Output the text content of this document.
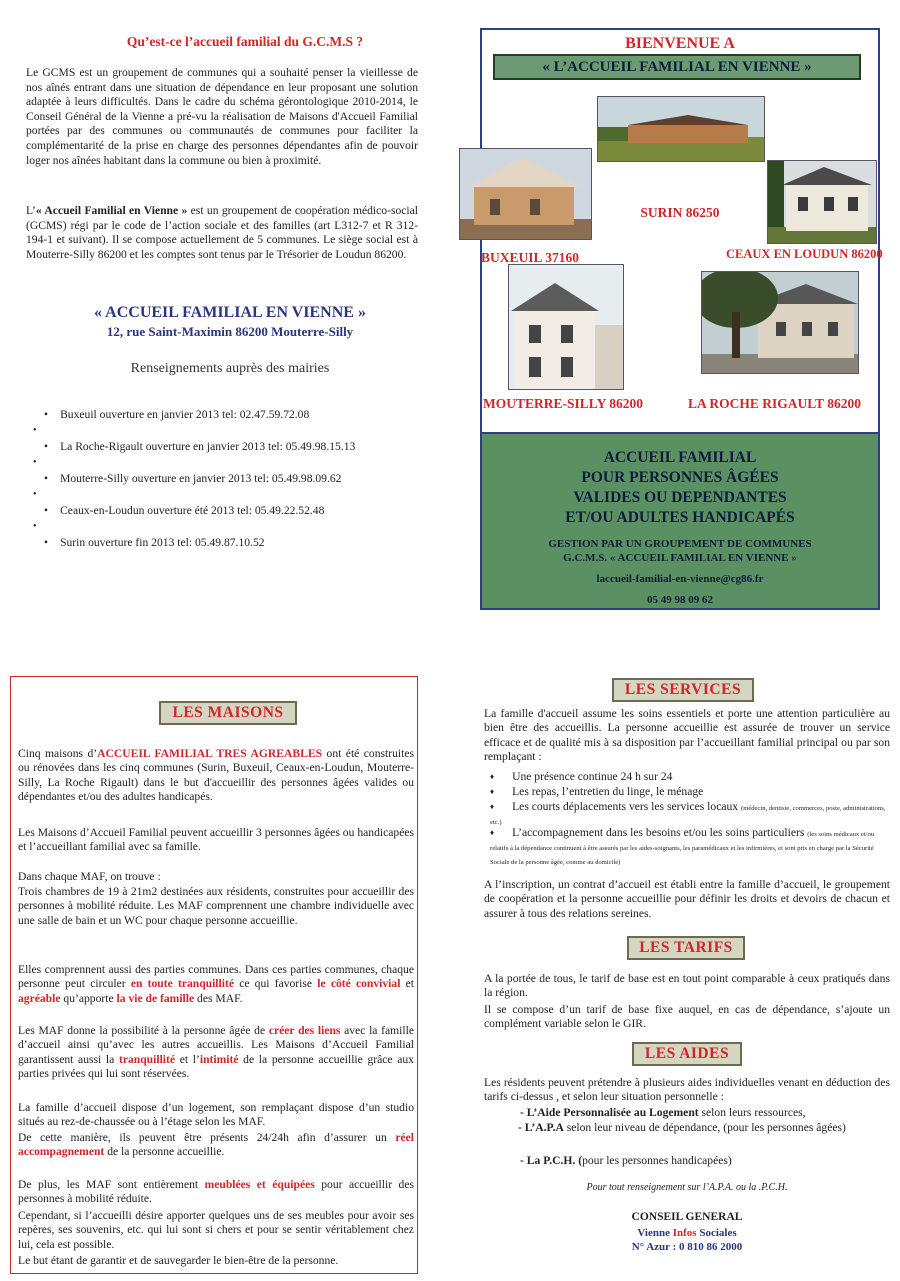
Qu’est-ce l’accueil familial du G.C.M.S ?
Le GCMS est un groupement de communes qui a souhaité penser la vieillesse de nos aînés entrant dans une situation de dépendance en leur proposant une solution adaptée à leurs difficultés. Dans le cadre du schéma gérontologique 2010-2014, le Conseil Général de la Vienne a pré-vu la réalisation de Maisons d'Accueil Familial portées par des communes ou communautés de communes pour faciliter la complémentarité de la prise en charge des personnes dépendantes afin de pouvoir loger nos aînées habitant dans la commune ou bien à proximité.
L’« Accueil Familial en Vienne » est un groupement de coopération médico-social (GCMS) régi par le code de l’action sociale et des familles (art L312-7 et R 312-194-1 et suivant). Il se compose actuellement de 5 communes. Le siège social est à Mouterre-Silly 86200 et les comptes sont tenus par le Trésorier de Loudun 86200.
« ACCUEIL FAMILIAL EN VIENNE »
12, rue Saint-Maximin 86200 Mouterre-Silly
Renseignements auprès des mairies
• Buxeuil ouverture en janvier 2013 tel: 02.47.59.72.08
•
• La Roche-Rigault ouverture en janvier 2013 tel: 05.49.98.15.13
•
• Mouterre-Silly ouverture en janvier 2013 tel: 05.49.98.09.62
•
• Ceaux-en-Loudun ouverture été 2013 tel: 05.49.22.52.48
•
• Surin ouverture fin 2013 tel: 05.49.87.10.52
BIENVENUE A
« L’ACCUEIL FAMILIAL EN VIENNE »
SURIN 86250
BUXEUIL 37160	CEAUX EN LOUDUN 86200
MOUTERRE-SILLY 86200	LA ROCHE RIGAULT 86200
ACCUEIL FAMILIAL
POUR PERSONNES ÂGÉES
VALIDES OU DEPENDANTES
ET/OU ADULTES HANDICAPÉS
GESTION PAR UN GROUPEMENT DE COMMUNES
G.C.M.S. « ACCUEIL FAMILIAL EN VIENNE »
laccueil-familial-en-vienne@cg86.fr
05 49 98 09 62
LES MAISONS
Cinq maisons d’ACCUEIL FAMILIAL TRES AGREABLES ont été construites ou rénovées dans les cinq communes (Surin, Buxeuil, Ceaux-en-Loudun, Mouterre-Silly, La Roche Rigault) dans le but d'accueillir des personnes âgées valides ou dépendantes et/ou des adultes handicapés.
Les Maisons d’Accueil Familial peuvent accueillir 3 personnes âgées ou handicapées et l’accueillant familial avec sa famille.
Dans chaque MAF, on trouve :
Trois chambres de 19 à 21m2 destinées aux résidents, construites pour accueillir des personnes à mobilité réduite. Les MAF comprennent une chambre individuelle avec une salle de bain et un WC pour chaque personne accueillie.
Elles comprennent aussi des parties communes. Dans ces parties communes, chaque personne peut circuler en toute tranquillité ce qui favorise le côté convivial et agréable qu’apporte la vie de famille des MAF.
Les MAF donne la possibilité à la personne âgée de créer des liens avec la famille d’accueil ainsi qu’avec les autres accueillis. Les Maisons d’Accueil Familial garantissent aussi la tranquillité et l’intimité de la personne accueillie grâce aux parties privées qui lui sont réservées.
La famille d’accueil dispose d’un logement, son remplaçant dispose d’un studio situés au rez-de-chaussée ou à l’étage selon les MAF.
De cette manière, ils peuvent être présents 24/24h afin d’assurer un réel accompagnement de la personne accueillie.
De plus, les MAF sont entièrement meublées et équipées pour accueillir des personnes à mobilité réduite.
Cependant, si l’accueilli désire apporter quelques uns de ses meubles pour avoir ses repères, ses souvenirs, etc. qui lui sont si chers et pour se sentir véritablement chez lui, cela est possible.
Le but étant de garantir et de sauvegarder le bien-être de la personne.
LES SERVICES
La famille d'accueil assume les soins essentiels et porte une attention particulière au bien être des accueillis. La personne accueillie est assurée de trouver un service efficace et de qualité mis à sa disposition par l’accueillant familial principal ou par son remplaçant :
♦ Une présence continue 24 h sur 24
♦ Les repas, l’entretien du linge, le ménage
♦ Les courts déplacements vers les services locaux (médecin, dentiste, commerces, poste, administrations, etc.)
♦ L’accompagnement dans les besoins et/ou les soins particuliers (les soins médicaux et/ou relatifs à la dépendance continuent à être assurés par les aides-soignants, les paramédicaux et les infirmières, et sont pris en charge par la Sécurité Sociale de la personne âgée, comme au domicile)
A l’inscription, un contrat d’accueil est établi entre la famille d’accueil, le groupement de coopération et la personne accueillie pour définir les droits et devoirs de chacun et assurer à tous des relations sereines.
LES TARIFS
A la portée de tous, le tarif de base est en tout point comparable à ceux pratiqués dans la région.
Il se compose d’un tarif de base fixe auquel, en cas de dépendance, s’ajoute un complément variable selon le GIR.
LES AIDES
Les résidents peuvent prétendre à plusieurs aides individuelles venant en déduction des tarifs ci-dessus , et selon leur situation personnelle :
- L’Aide Personnalisée au Logement selon leurs ressources,
- L’A.P.A selon leur niveau de dépendance, (pour les personnes âgées)
- La P.C.H. (pour les personnes handicapées)
Pour tout renseignement sur l’A.P.A. ou la .P.C.H.
CONSEIL GENERAL
Vienne Infos Sociales
N° Azur : 0 810 86 2000
